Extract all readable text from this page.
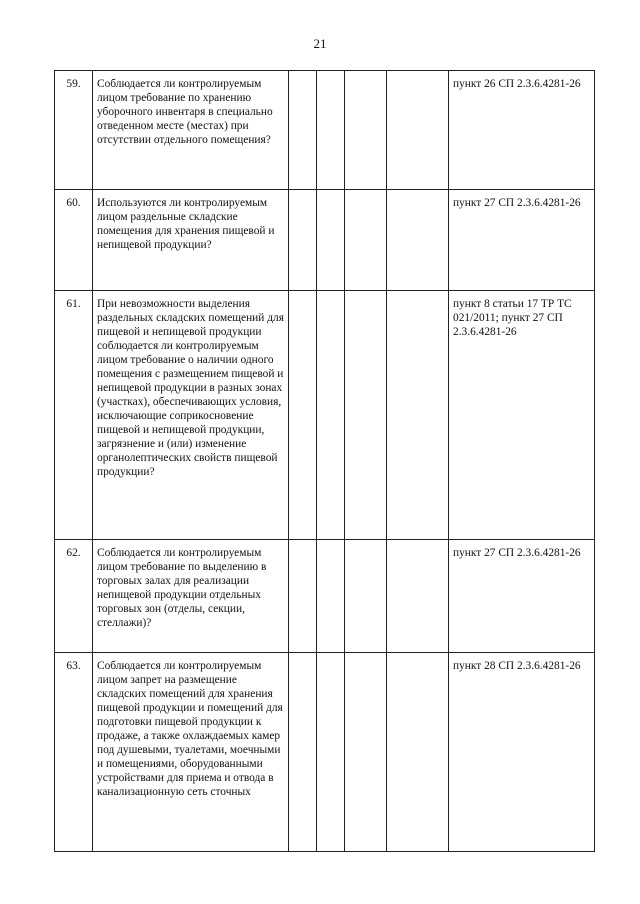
21
59.	Соблюдается ли контролируемым лицом требование по хранению уборочного инвентаря в специально отведенном месте (местах) при отсутствии отдельного помещения?					пункт 26 СП 2.3.6.4281-26
60.	Используются ли контролируемым лицом раздельные складские помещения для хранения пищевой и непищевой продукции?					пункт 27 СП 2.3.6.4281-26
61.	При невозможности выделения раздельных складских помещений для пищевой и непищевой продукции соблюдается ли контролируемым лицом требование о наличии одного помещения с размещением пищевой и непищевой продукции в разных зонах (участках), обеспечивающих условия, исключающие соприкосновение пищевой и непищевой продукции, загрязнение и (или) изменение органолептических свойств пищевой продукции?					пункт 8 статьи 17 ТР ТС 021/2011; пункт 27 СП 2.3.6.4281-26
62.	Соблюдается ли контролируемым лицом требование по выделению в торговых залах для реализации непищевой продукции отдельных торговых зон (отделы, секции, стеллажи)?					пункт 27 СП 2.3.6.4281-26
63.	Соблюдается ли контролируемым лицом запрет на размещение складских помещений для хранения пищевой продукции и помещений для подготовки пищевой продукции к продаже, а также охлаждаемых камер под душевыми, туалетами, моечными и помещениями, оборудованными устройствами для приема и отвода в канализационную сеть сточных					пункт 28 СП 2.3.6.4281-26
